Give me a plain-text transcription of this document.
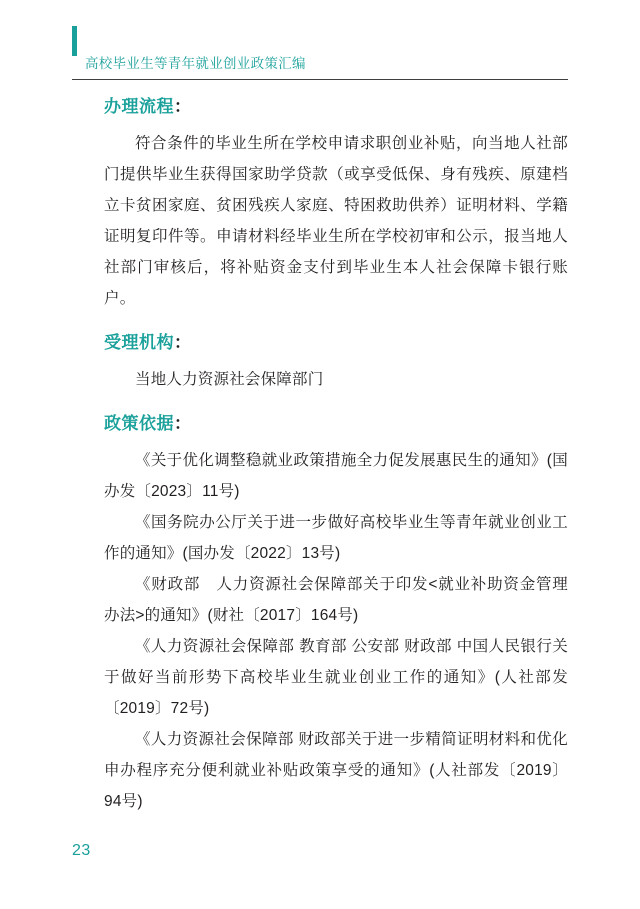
高校毕业生等青年就业创业政策汇编
办理流程 ：

符合条件的毕业生所在学校申请求职创业补贴，向当地人社部门提供毕业生获得国家助学贷款（或享受低保、身有残疾、原建档立卡贫困家庭、贫困残疾人家庭、特困救助供养）证明材料、学籍证明复印件等。申请材料经毕业生所在学校初审和公示，报当地人社部门审核后，将补贴资金支付到毕业生本人社会保障卡银行账户。

受理机构 ：

当地人力资源社会保障部门

政策依据 ：

《关于优化调整稳就业政策措施全力促发展惠民生的通知》(国办发〔2023〕11号)

《国务院办公厅关于进一步做好高校毕业生等青年就业创业工作的通知》(国办发〔2022〕13号)

《财政部　人力资源社会保障部关于印发<就业补助资金管理办法>的通知》(财社〔2017〕164号)

《人力资源社会保障部 教育部 公安部 财政部 中国人民银行关于做好当前形势下高校毕业生就业创业工作的通知》(人社部发〔2019〕72号)

《人力资源社会保障部 财政部关于进一步精简证明材料和优化申办程序充分便利就业补贴政策享受的通知》(人社部发〔2019〕94号)

23
